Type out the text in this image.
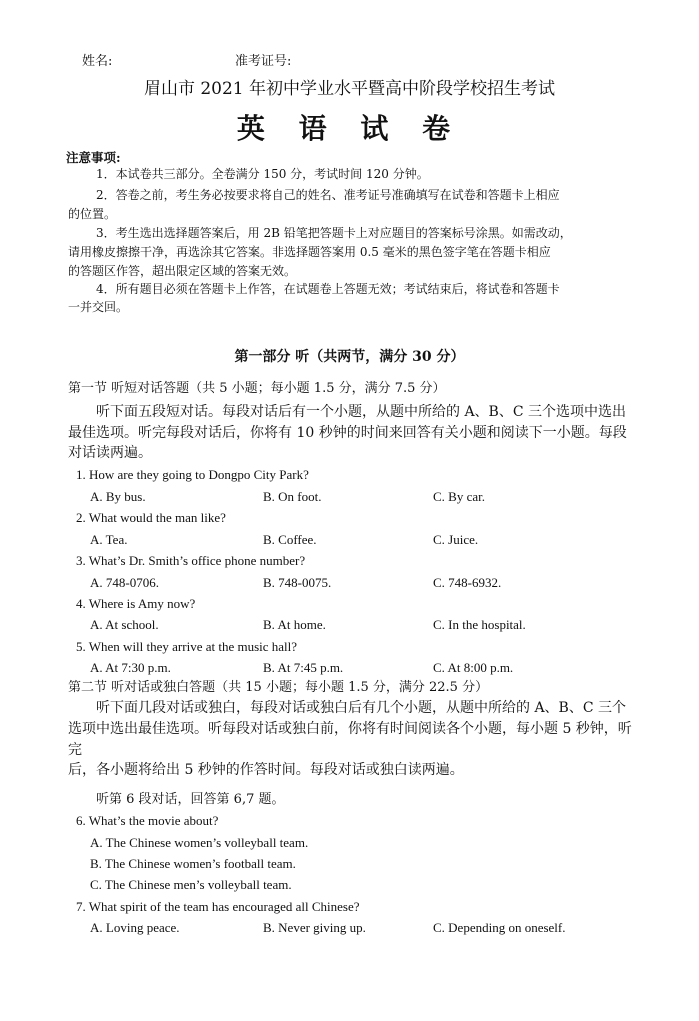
姓名:	准考证号:
眉山市 2021 年初中学业水平暨高中阶段学校招生考试
英 语 试 卷
注意事项:
1．本试卷共三部分。全卷满分 150 分，考试时间 120 分钟。
2．答卷之前，考生务必按要求将自己的姓名、准考证号准确填写在试卷和答题卡上相应
的位置。
3．考生选出选择题答案后，用 2B 铅笔把答题卡上对应题目的答案标号涂黑。如需改动，
请用橡皮擦擦干净，再选涂其它答案。非选择题答案用 0.5 毫米的黑色签字笔在答题卡相应
的答题区作答，超出限定区域的答案无效。
4．所有题目必须在答题卡上作答，在试题卷上答题无效；考试结束后，将试卷和答题卡
一并交回。
第一部分 听（共两节，满分 30 分）
第一节 听短对话答题（共 5 小题；每小题 1.5 分，满分 7.5 分）
听下面五段短对话。每段对话后有一个小题，从题中所给的 A、B、C 三个选项中选出
最佳选项。听完每段对话后，你将有 10 秒钟的时间来回答有关小题和阅读下一小题。每段
对话读两遍。
1. How are they going to Dongpo City Park?
A. By bus.	B. On foot.	C. By car.
2. What would the man like?
A. Tea.	B. Coffee.	C. Juice.
3. What’s Dr. Smith’s office phone number?
A. 748-0706.	B. 748-0075.	C. 748-6932.
4. Where is Amy now?
A. At school.	B. At home.	C. In the hospital.
5. When will they arrive at the music hall?
A. At 7:30 p.m.	B. At 7:45 p.m.	C. At 8:00 p.m.
第二节 听对话或独白答题（共 15 小题；每小题 1.5 分，满分 22.5 分）
听下面几段对话或独白，每段对话或独白后有几个小题，从题中所给的 A、B、C 三个
选项中选出最佳选项。听每段对话或独白前，你将有时间阅读各个小题，每小题 5 秒钟，听
完
后，各小题将给出 5 秒钟的作答时间。每段对话或独白读两遍。
听第 6 段对话，回答第 6,7 题。
6. What’s the movie about?
A. The Chinese women’s volleyball team.
B. The Chinese women’s football team.
C. The Chinese men’s volleyball team.
7. What spirit of the team has encouraged all Chinese?
A. Loving peace.	B. Never giving up.	C. Depending on oneself.
